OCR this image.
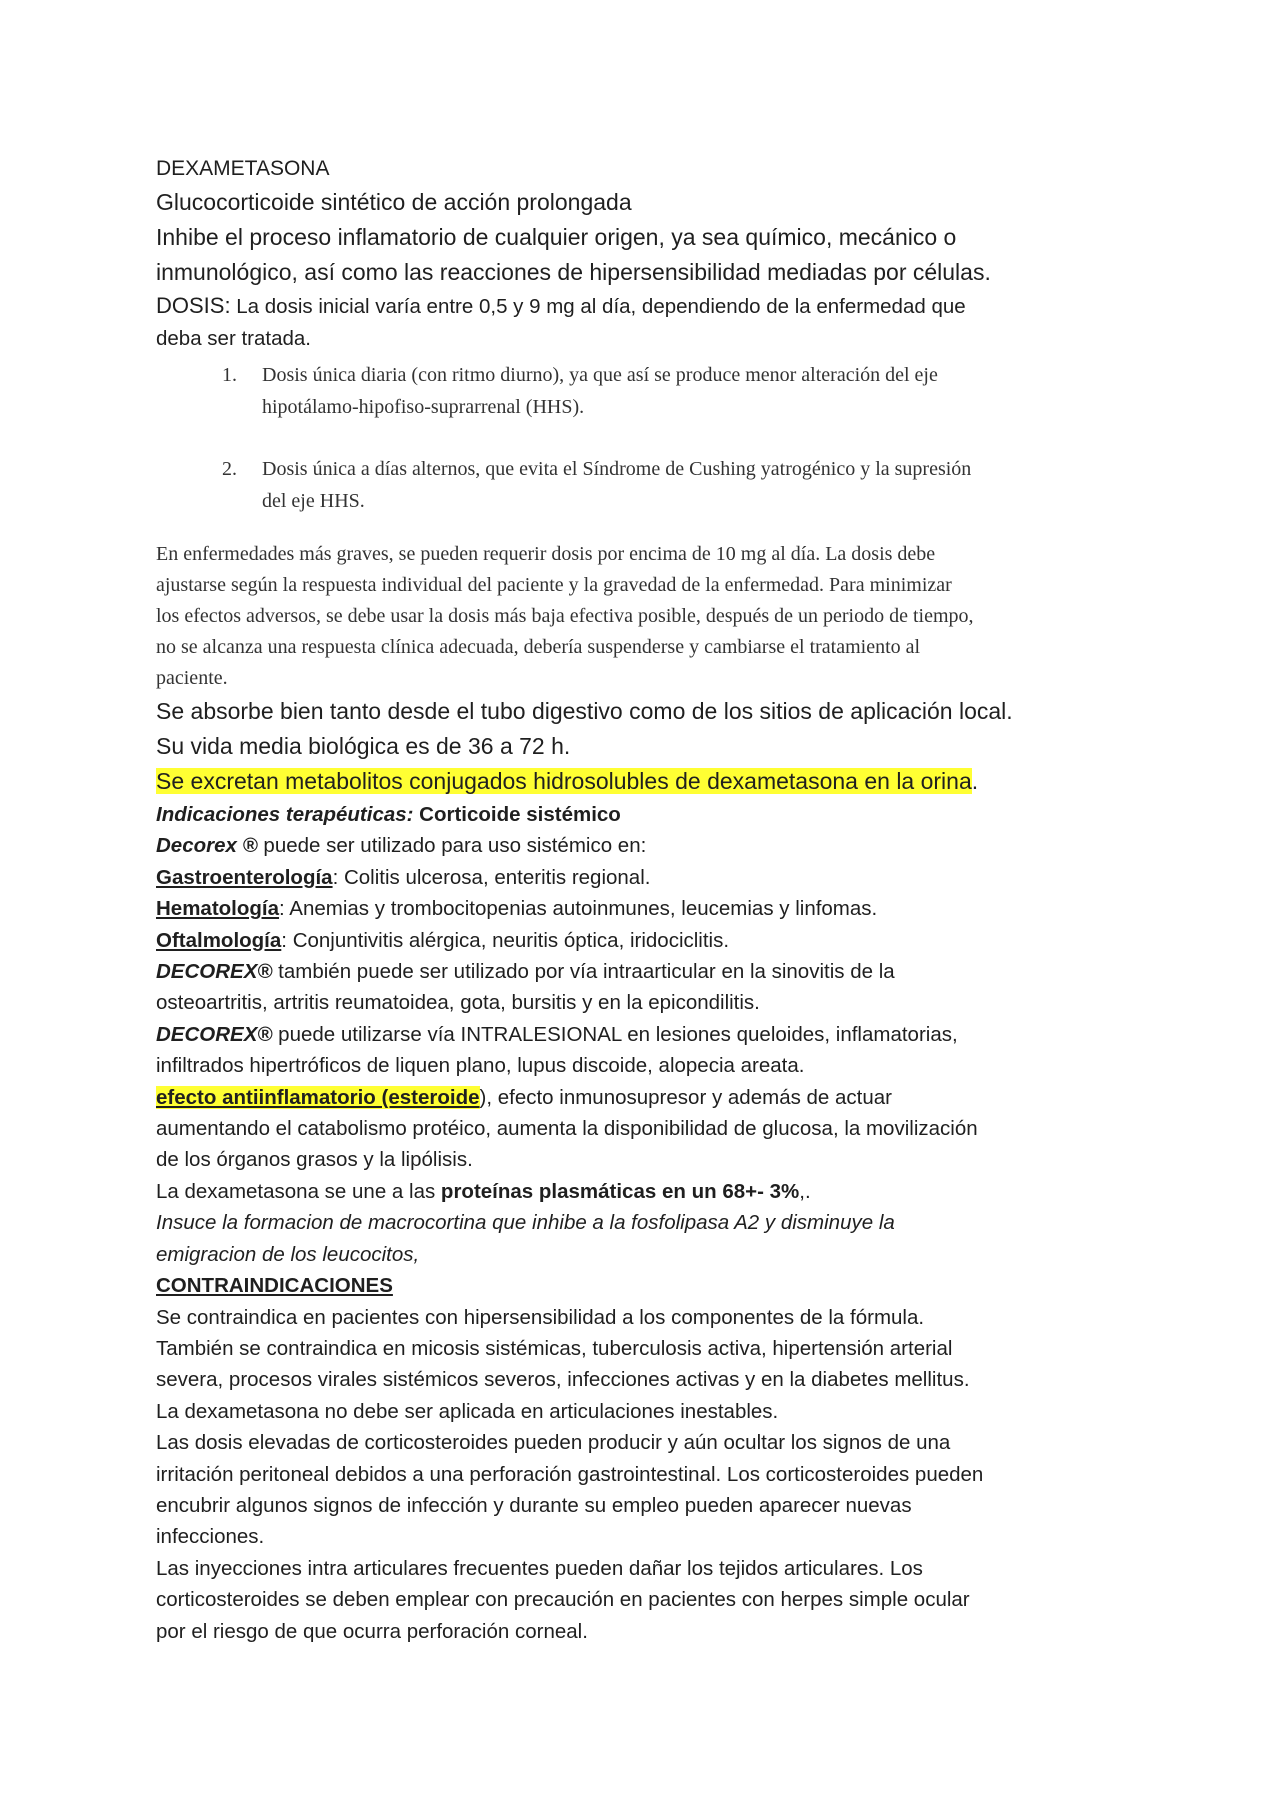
DEXAMETASONA

Glucocorticoide sintético de acción prolongada

Inhibe el proceso inflamatorio de cualquier origen, ya sea químico, mecánico o

inmunológico, así como las reacciones de hipersensibilidad mediadas por células.

DOSIS: La dosis inicial varía entre 0,5 y 9 mg al día, dependiendo de la enfermedad que

deba ser tratada.

1. Dosis única diaria (con ritmo diurno), ya que así se produce menor alteración del eje

hipotálamo-hipofiso-suprarrenal (HHS).

2. Dosis única a días alternos, que evita el Síndrome de Cushing yatrogénico y la supresión

del eje HHS.

En enfermedades más graves, se pueden requerir dosis por encima de 10 mg al día. La dosis debe

ajustarse según la respuesta individual del paciente y la gravedad de la enfermedad. Para minimizar

los efectos adversos, se debe usar la dosis más baja efectiva posible, después de un periodo de tiempo,

no se alcanza una respuesta clínica adecuada, debería suspenderse y cambiarse el tratamiento al

paciente.

Se absorbe bien tanto desde el tubo digestivo como de los sitios de aplicación local.

Su vida media biológica es de 36 a 72 h.

Se excretan metabolitos conjugados hidrosolubles de dexametasona en la orina.

Indicaciones terapéuticas: Corticoide sistémico

Decorex ® puede ser utilizado para uso sistémico en:

Gastroenterología: Colitis ulcerosa, enteritis regional.

Hematología: Anemias y trombocitopenias autoinmunes, leucemias y linfomas.

Oftalmología: Conjuntivitis alérgica, neuritis óptica, iridociclitis.

DECOREX® también puede ser utilizado por vía intraarticular en la sinovitis de la

osteoartritis, artritis reumatoidea, gota, bursitis y en la epicondilitis.

DECOREX® puede utilizarse vía INTRALESIONAL en lesiones queloides, inflamatorias,

infiltrados hipertróficos de liquen plano, lupus discoide, alopecia areata.

efecto antiinflamatorio (esteroide), efecto inmunosupresor y además de actuar

aumentando el catabolismo protéico, aumenta la disponibilidad de glucosa, la movilización

de los órganos grasos y la lipólisis.

La dexametasona se une a las proteínas plasmáticas en un 68+- 3%,.

Insuce la formacion de macrocortina que inhibe a la fosfolipasa A2 y disminuye la

emigracion de los leucocitos,

CONTRAINDICACIONES

Se contraindica en pacientes con hipersensibilidad a los componentes de la fórmula.

También se contraindica en micosis sistémicas, tuberculosis activa, hipertensión arterial

severa, procesos virales sistémicos severos, infecciones activas y en la diabetes mellitus.

La dexametasona no debe ser aplicada en articulaciones inestables.

Las dosis elevadas de corticosteroides pueden producir y aún ocultar los signos de una

irritación peritoneal debidos a una perforación gastrointestinal. Los corticosteroides pueden

encubrir algunos signos de infección y durante su empleo pueden aparecer nuevas

infecciones.

Las inyecciones intra articulares frecuentes pueden dañar los tejidos articulares. Los

corticosteroides se deben emplear con precaución en pacientes con herpes simple ocular

por el riesgo de que ocurra perforación corneal.
